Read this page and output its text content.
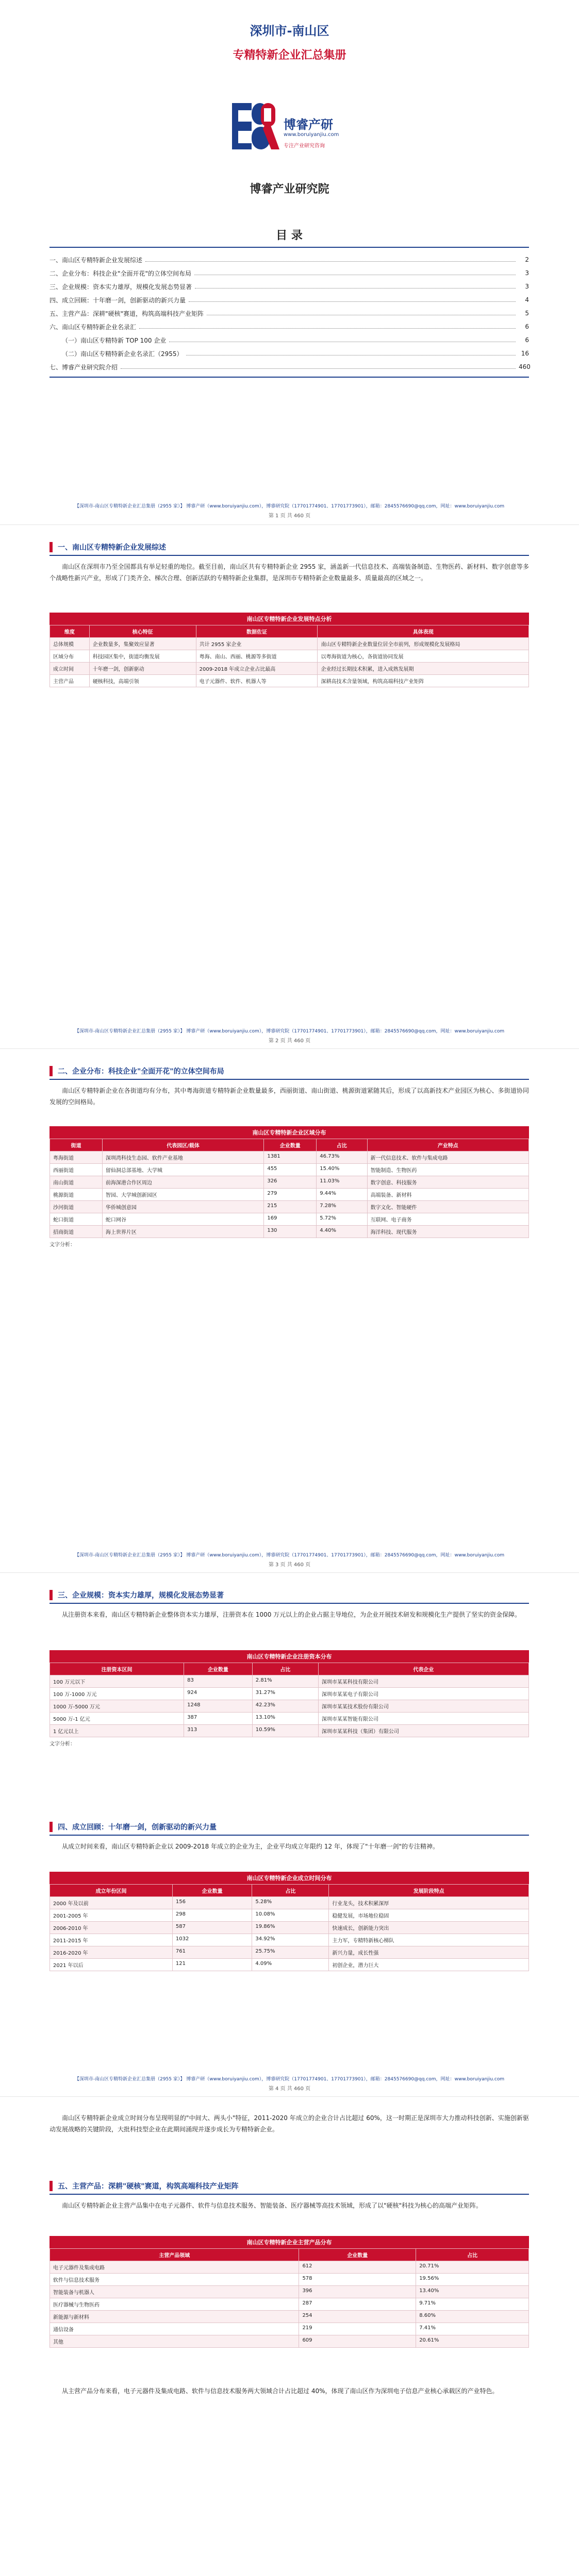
深圳市-南山区
专精特新企业汇总集册
博睿产研
www.boruiyanjiu.com
专注产业研究咨询
博睿产业研究院
目 录
一、南山区专精特新企业发展综述	2
二、企业分布：科技企业"全面开花"的立体空间布局	3
三、企业规模：资本实力雄厚，规模化发展态势显著	3
四、成立回顾：十年磨一剑，创新驱动的新兴力量	4
五、主营产品：深耕"硬核"赛道，构筑高端科技产业矩阵	5
六、南山区专精特新企业名录汇	6
（一）南山区专精特新 TOP 100 企业	6
（二）南山区专精特新企业名录汇（2955）	16
七、博睿产业研究院介绍	460
【深圳市-南山区专精特新企业汇总集册（2955 家）】 博睿产研（www.boruiyanjiu.com），博睿研究院（17701774901、17701773901），邮箱：2845576690@qq.com，网址：www.boruiyanjiu.com
第 1 页 共 460 页
一、南山区专精特新企业发展综述
南山区在深圳市乃至全国都具有举足轻重的地位。截至目前，南山区共有专精特新企业 2955 家，涵盖新一代信息技术、高端装备制造、生物医药、新材料、数字创意等多个战略性新兴产业，形成了门类齐全、梯次合理、创新活跃的专精特新企业集群，是深圳市专精特新企业数量最多、质量最高的区域之一。
南山区专精特新企业发展特点分析
维度	核心特征	数据佐证	具体表现
总体规模	企业数量多，集聚效应显著	共计 2955 家企业	南山区专精特新企业数量位居全市前列，形成规模化发展格局
区域分布	科技园区集中，街道均衡发展	粤海、南山、西丽、桃源等多街道	以粤海街道为核心，各街道协同发展
成立时间	十年磨一剑，创新驱动	2009-2018 年成立企业占比最高	企业经过长期技术积累，进入成熟发展期
主营产品	硬核科技，高端引领	电子元器件、软件、机器人等	深耕高技术含量领域，构筑高端科技产业矩阵
【深圳市-南山区专精特新企业汇总集册（2955 家）】 博睿产研（www.boruiyanjiu.com），博睿研究院（17701774901、17701773901），邮箱：2845576690@qq.com，网址：www.boruiyanjiu.com
第 2 页 共 460 页
二、企业分布：科技企业"全面开花"的立体空间布局
南山区专精特新企业在各街道均有分布，其中粤海街道专精特新企业数量最多，西丽街道、南山街道、桃源街道紧随其后，形成了以高新技术产业园区为核心、多街道协同发展的空间格局。
南山区专精特新企业区域分布
街道	代表园区/载体	企业数量	占比	产业特点
粤海街道	深圳湾科技生态园、软件产业基地	1381	46.73%	新一代信息技术、软件与集成电路
西丽街道	留仙洞总部基地、大学城	455	15.40%	智能制造、生物医药
南山街道	前海深港合作区周边	326	11.03%	数字创意、科技服务
桃源街道	智园、大学城创新园区	279	9.44%	高端装备、新材料
沙河街道	华侨城创意园	215	7.28%	数字文化、智能硬件
蛇口街道	蛇口网谷	169	5.72%	互联网、电子商务
招商街道	海上世界片区	130	4.40%	海洋科技、现代服务
文字分析：
【深圳市-南山区专精特新企业汇总集册（2955 家）】 博睿产研（www.boruiyanjiu.com），博睿研究院（17701774901、17701773901），邮箱：2845576690@qq.com，网址：www.boruiyanjiu.com
第 3 页 共 460 页
三、企业规模：资本实力雄厚，规模化发展态势显著
从注册资本来看，南山区专精特新企业整体资本实力雄厚，注册资本在 1000 万元以上的企业占据主导地位，为企业开展技术研发和规模化生产提供了坚实的资金保障。
南山区专精特新企业注册资本分布
注册资本区间	企业数量	占比	代表企业
100 万元以下	83	2.81%	深圳市某某科技有限公司
100 万-1000 万元	924	31.27%	深圳市某某电子有限公司
1000 万-5000 万元	1248	42.23%	深圳市某某技术股份有限公司
5000 万-1 亿元	387	13.10%	深圳市某某智能有限公司
1 亿元以上	313	10.59%	深圳市某某科技（集团）有限公司
文字分析：
四、成立回顾：十年磨一剑，创新驱动的新兴力量
从成立时间来看，南山区专精特新企业以 2009-2018 年成立的企业为主，企业平均成立年限约 12 年，体现了"十年磨一剑"的专注精神。
南山区专精特新企业成立时间分布
成立年份区间	企业数量	占比	发展阶段特点
2000 年及以前	156	5.28%	行业龙头，技术积累深厚
2001-2005 年	298	10.08%	稳健发展，市场地位稳固
2006-2010 年	587	19.86%	快速成长，创新能力突出
2011-2015 年	1032	34.92%	主力军，专精特新核心梯队
2016-2020 年	761	25.75%	新兴力量，成长性强
2021 年以后	121	4.09%	初创企业，潜力巨大
【深圳市-南山区专精特新企业汇总集册（2955 家）】 博睿产研（www.boruiyanjiu.com），博睿研究院（17701774901、17701773901），邮箱：2845576690@qq.com，网址：www.boruiyanjiu.com
第 4 页 共 460 页
南山区专精特新企业成立时间分布呈现明显的"中间大、两头小"特征，2011-2020 年成立的企业合计占比超过 60%，这一时期正是深圳市大力推动科技创新、实施创新驱动发展战略的关键阶段，大批科技型企业在此期间涌现并逐步成长为专精特新企业。
五、主营产品：深耕"硬核"赛道，构筑高端科技产业矩阵
南山区专精特新企业主营产品集中在电子元器件、软件与信息技术服务、智能装备、医疗器械等高技术领域，形成了以"硬核"科技为核心的高端产业矩阵。
南山区专精特新企业主营产品分布
主营产品领域	企业数量	占比
电子元器件及集成电路	612	20.71%
软件与信息技术服务	578	19.56%
智能装备与机器人	396	13.40%
医疗器械与生物医药	287	9.71%
新能源与新材料	254	8.60%
通信设备	219	7.41%
其他	609	20.61%
从主营产品分布来看，电子元器件及集成电路、软件与信息技术服务两大领域合计占比超过 40%，体现了南山区作为深圳电子信息产业核心承载区的产业特色。
